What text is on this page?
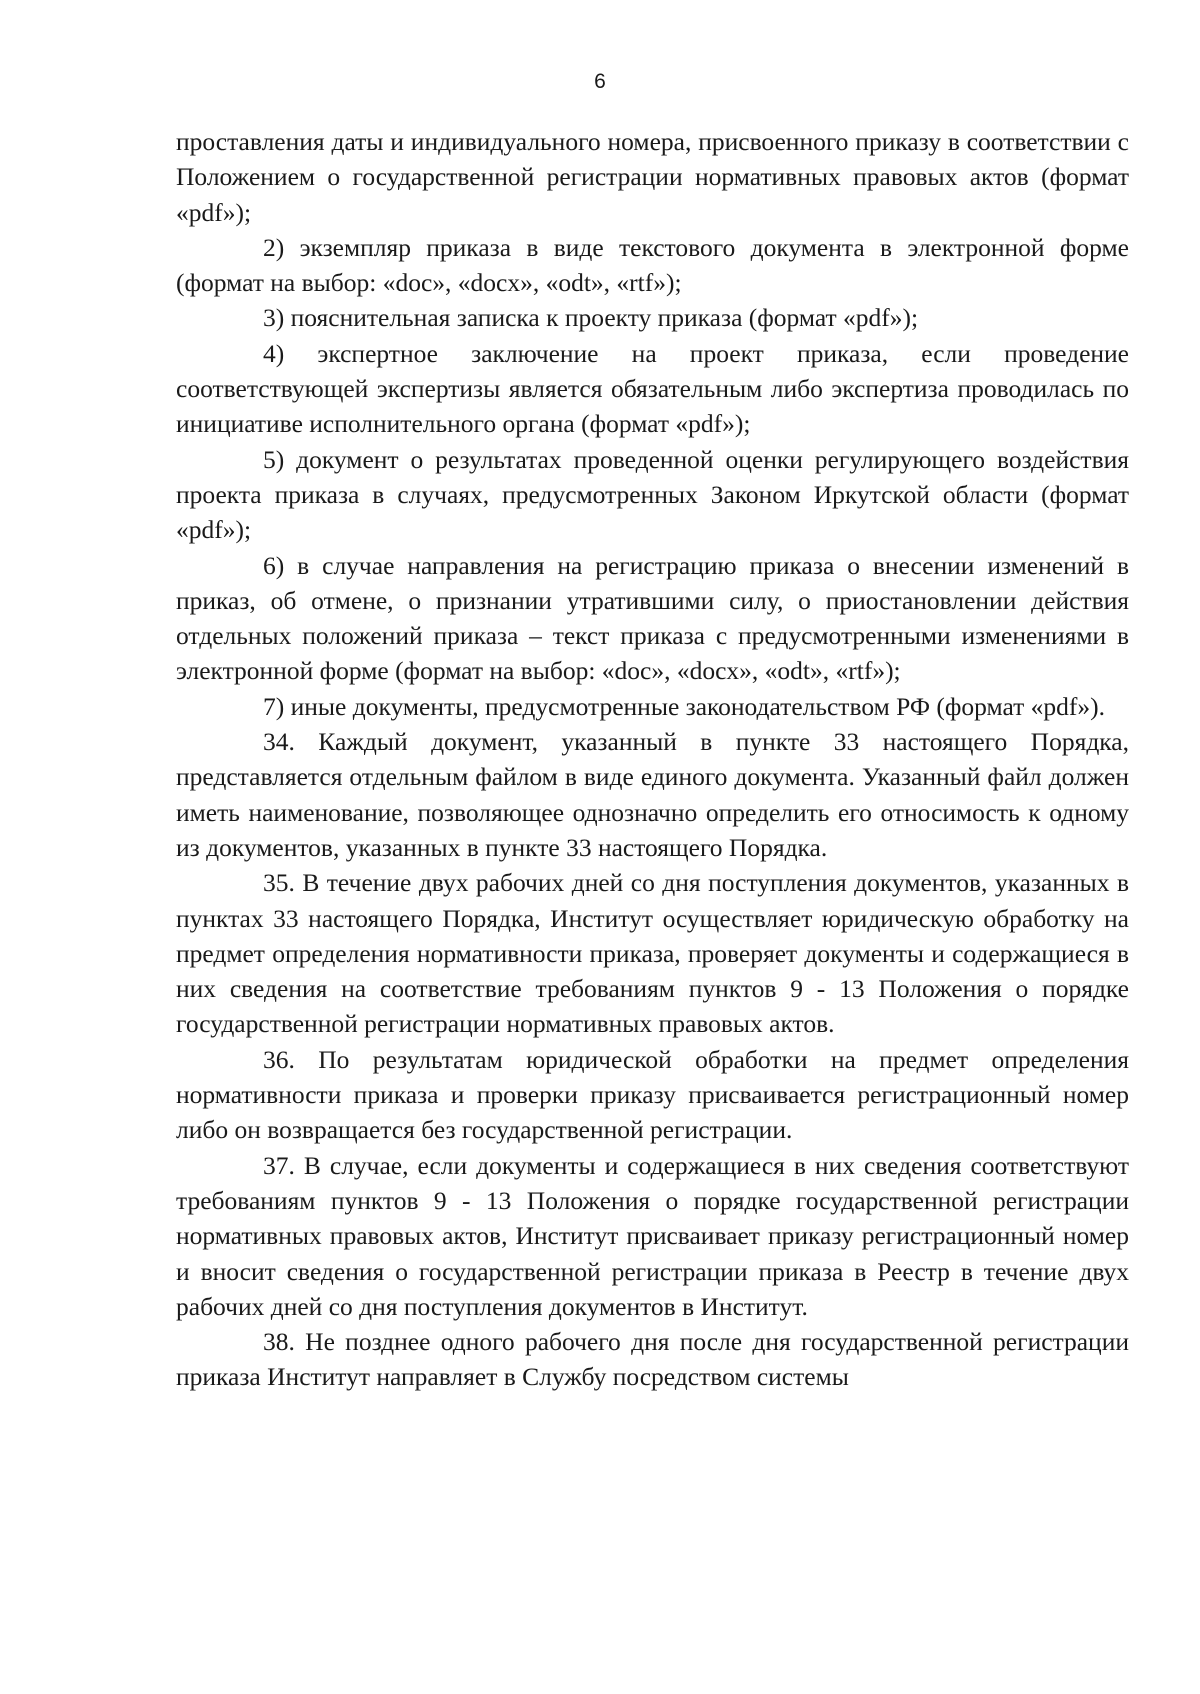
6

проставления даты и индивидуального номера, присвоенного приказу в соответствии с Положением о государственной регистрации нормативных правовых актов (формат «pdf»);

2) экземпляр приказа в виде текстового документа в электронной форме (формат на выбор: «doc», «docx», «odt», «rtf»);

3) пояснительная записка к проекту приказа (формат «pdf»);

4) экспертное заключение на проект приказа, если проведение соответствующей экспертизы является обязательным либо экспертиза проводилась по инициативе исполнительного органа (формат «pdf»);

5) документ о результатах проведенной оценки регулирующего воздействия проекта приказа в случаях, предусмотренных Законом Иркутской области (формат «pdf»);

6) в случае направления на регистрацию приказа о внесении изменений в приказ, об отмене, о признании утратившими силу, о приостановлении действия отдельных положений приказа – текст приказа с предусмотренными изменениями в электронной форме (формат на выбор: «doc», «docx», «odt», «rtf»);

7) иные документы, предусмотренные законодательством РФ (формат «pdf»).

34. Каждый документ, указанный в пункте 33 настоящего Порядка, представляется отдельным файлом в виде единого документа. Указанный файл должен иметь наименование, позволяющее однозначно определить его относимость к одному из документов, указанных в пункте 33 настоящего Порядка.

35. В течение двух рабочих дней со дня поступления документов, указанных в пунктах 33 настоящего Порядка, Институт осуществляет юридическую обработку на предмет определения нормативности приказа, проверяет документы и содержащиеся в них сведения на соответствие требованиям пунктов 9 - 13 Положения о порядке государственной регистрации нормативных правовых актов.

36. По результатам юридической обработки на предмет определения нормативности приказа и проверки приказу присваивается регистрационный номер либо он возвращается без государственной регистрации.

37. В случае, если документы и содержащиеся в них сведения соответствуют требованиям пунктов 9 - 13 Положения о порядке государственной регистрации нормативных правовых актов, Институт присваивает приказу регистрационный номер и вносит сведения о государственной регистрации приказа в Реестр в течение двух рабочих дней со дня поступления документов в Институт.

38. Не позднее одного рабочего дня после дня государственной регистрации приказа Институт направляет в Службу посредством системы
